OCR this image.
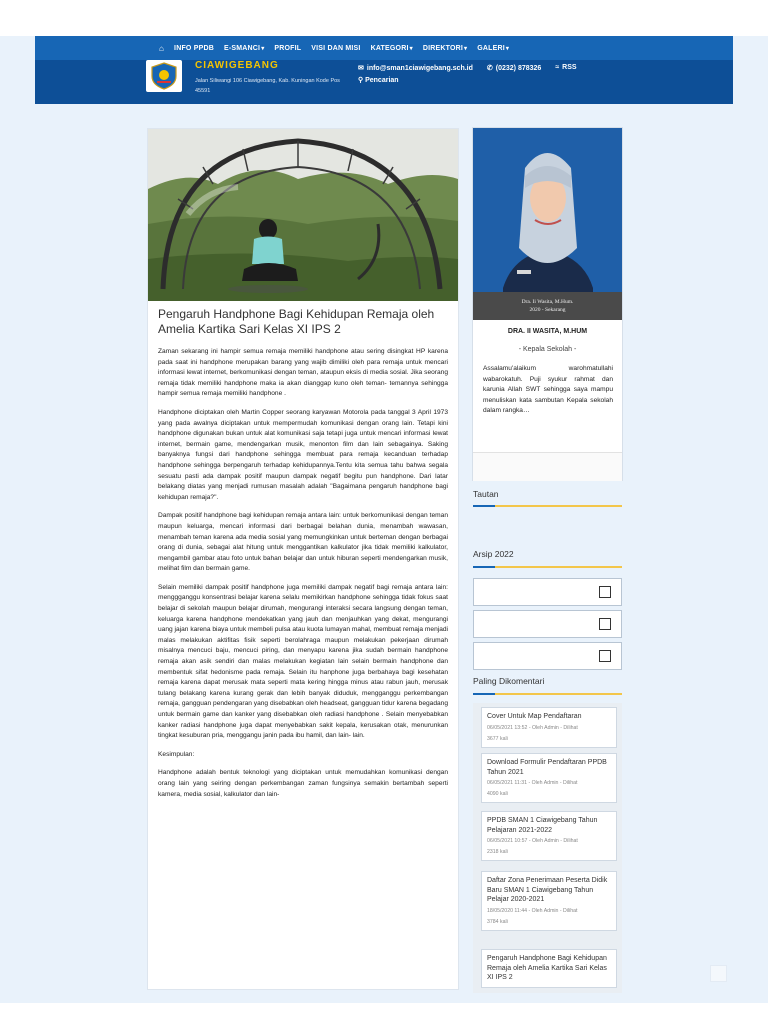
⌂ INFO PPDB E-SMANCI▾ PROFIL VISI DAN MISI KATEGORI▾ DIREKTORI▾ GALERI▾
CIAWIGEBANG
Jalan Siliwangi 106 Ciawigebang, Kab. Kuningan Kode Pos 45591
✉ info@sman1ciawigebang.sch.id ✆ (0232) 878326 ≈ RSS
⚲ Pencarian
Pengaruh Handphone Bagi Kehidupan Remaja oleh Amelia Kartika Sari Kelas XI IPS 2

Zaman sekarang ini hampir semua remaja memiliki handphone atau sering disingkat HP karena pada saat ini handphone merupakan barang yang wajib dimiliki oleh para remaja untuk mencari informasi lewat internet, berkomunikasi dengan teman, ataupun eksis di media sosial. Jika seorang remaja tidak memiliki handphone maka ia akan dianggap kuno oleh teman- temannya sehingga hampir semua remaja memiliki handphone .

Handphone diciptakan oleh Martin Copper seorang karyawan Motorola pada tanggal 3 April 1973 yang pada awalnya diciptakan untuk mempermudah komunikasi dengan orang lain. Tetapi kini handphone digunakan bukan untuk alat komunikasi saja tetapi juga untuk mencari informasi lewat internet, bermain game, mendengarkan musik, menonton film dan lain sebagainya. Saking banyaknya fungsi dari handphone sehingga membuat para remaja kecanduan terhadap handphone sehingga berpengaruh terhadap kehidupannya.Tentu kita semua tahu bahwa segala sesuatu pasti ada dampak positif maupun dampak negatif begitu pun handphone. Dari latar belakang diatas yang menjadi rumusan masalah adalah "Bagaimana pengaruh handphone bagi kehidupan remaja?".

Dampak positif handphone bagi kehidupan remaja antara lain: untuk berkomunikasi dengan teman maupun keluarga, mencari informasi dari berbagai belahan dunia, menambah wawasan, menambah teman karena ada media sosial yang memungkinkan untuk berteman dengan berbagai orang di dunia, sebagai alat hitung untuk menggantikan kalkulator jika tidak memiliki kalkulator, mengambil gambar atau foto untuk bahan belajar dan untuk hiburan seperti mendengarkan musik, melihat film dan bermain game.

Selain memiliki dampak positif handphone juga memiliki dampak negatif bagi remaja antara lain: menggganggu konsentrasi belajar karena selalu memikirkan handphone sehingga tidak fokus saat belajar di sekolah maupun belajar dirumah, mengurangi interaksi secara langsung dengan teman, keluarga karena handphone mendekatkan yang jauh dan menjauhkan yang dekat, mengurangi uang jajan karena biaya untuk membeli pulsa atau kuota lumayan mahal, membuat remaja menjadi malas melakukan aktifitas fisik seperti berolahraga maupun melakukan pekerjaan dirumah misalnya mencuci baju, mencuci piring, dan menyapu karena jika sudah bermain handphone remaja akan asik sendiri dan malas melakukan kegiatan lain selain bermain handphone dan membentuk sifat hedonisme pada remaja. Selain itu hanphone juga berbahaya bagi kesehatan remaja karena dapat merusak mata seperti mata kering hingga minus atau rabun jauh, merusak tulang belakang karena kurang gerak dan lebih banyak diduduk, mengganggu perkembangan remaja, gangguan pendengaran yang disebabkan oleh headseat, gangguan tidur karena begadang untuk bermain game dan kanker yang disebabkan oleh radiasi handphone . Selain menyebabkan kanker radiasi handphone juga dapat menyebabkan sakit kepala, kerusakan otak, menurunkan tingkat kesuburan pria, menggangu janin pada ibu hamil, dan lain- lain.

Kesimpulan:

Handphone adalah bentuk teknologi yang diciptakan untuk memudahkan komunikasi dengan orang lain yang seiring dengan perkembangan zaman fungsinya semakin bertambah seperti kamera, media sosial, kalkulator dan lain-

Dra. Ii Wasita, M.Hum.
2020 - Sekarang
DRA. II WASITA, M.HUM
- Kepala Sekolah -
Assalamu'alaikum warohmatullahi wabarokatuh. Puji syukur rahmat dan karunia Allah SWT sehingga saya mampu menuliskan kata sambutan Kepala sekolah dalam rangka…
Tautan
Arsip 2022
Paling Dikomentari
Cover Untuk Map Pendaftaran
06/05/2021 13:52 - Oleh Admin - Dilihat
3677 kali
Download Formulir Pendaftaran PPDB Tahun 2021
06/05/2021 11:31 - Oleh Admin - Dilihat
4090 kali
PPDB SMAN 1 Ciawigebang Tahun Pelajaran 2021-2022
06/05/2021 10:57 - Oleh Admin - Dilihat
2318 kali
Daftar Zona Penerimaan Peserta Didik Baru SMAN 1 Ciawigebang Tahun Pelajar 2020-2021
18/05/2020 11:44 - Oleh Admin - Dilihat
3784 kali
Pengaruh Handphone Bagi Kehidupan Remaja oleh Amelia Kartika Sari Kelas XI IPS 2
